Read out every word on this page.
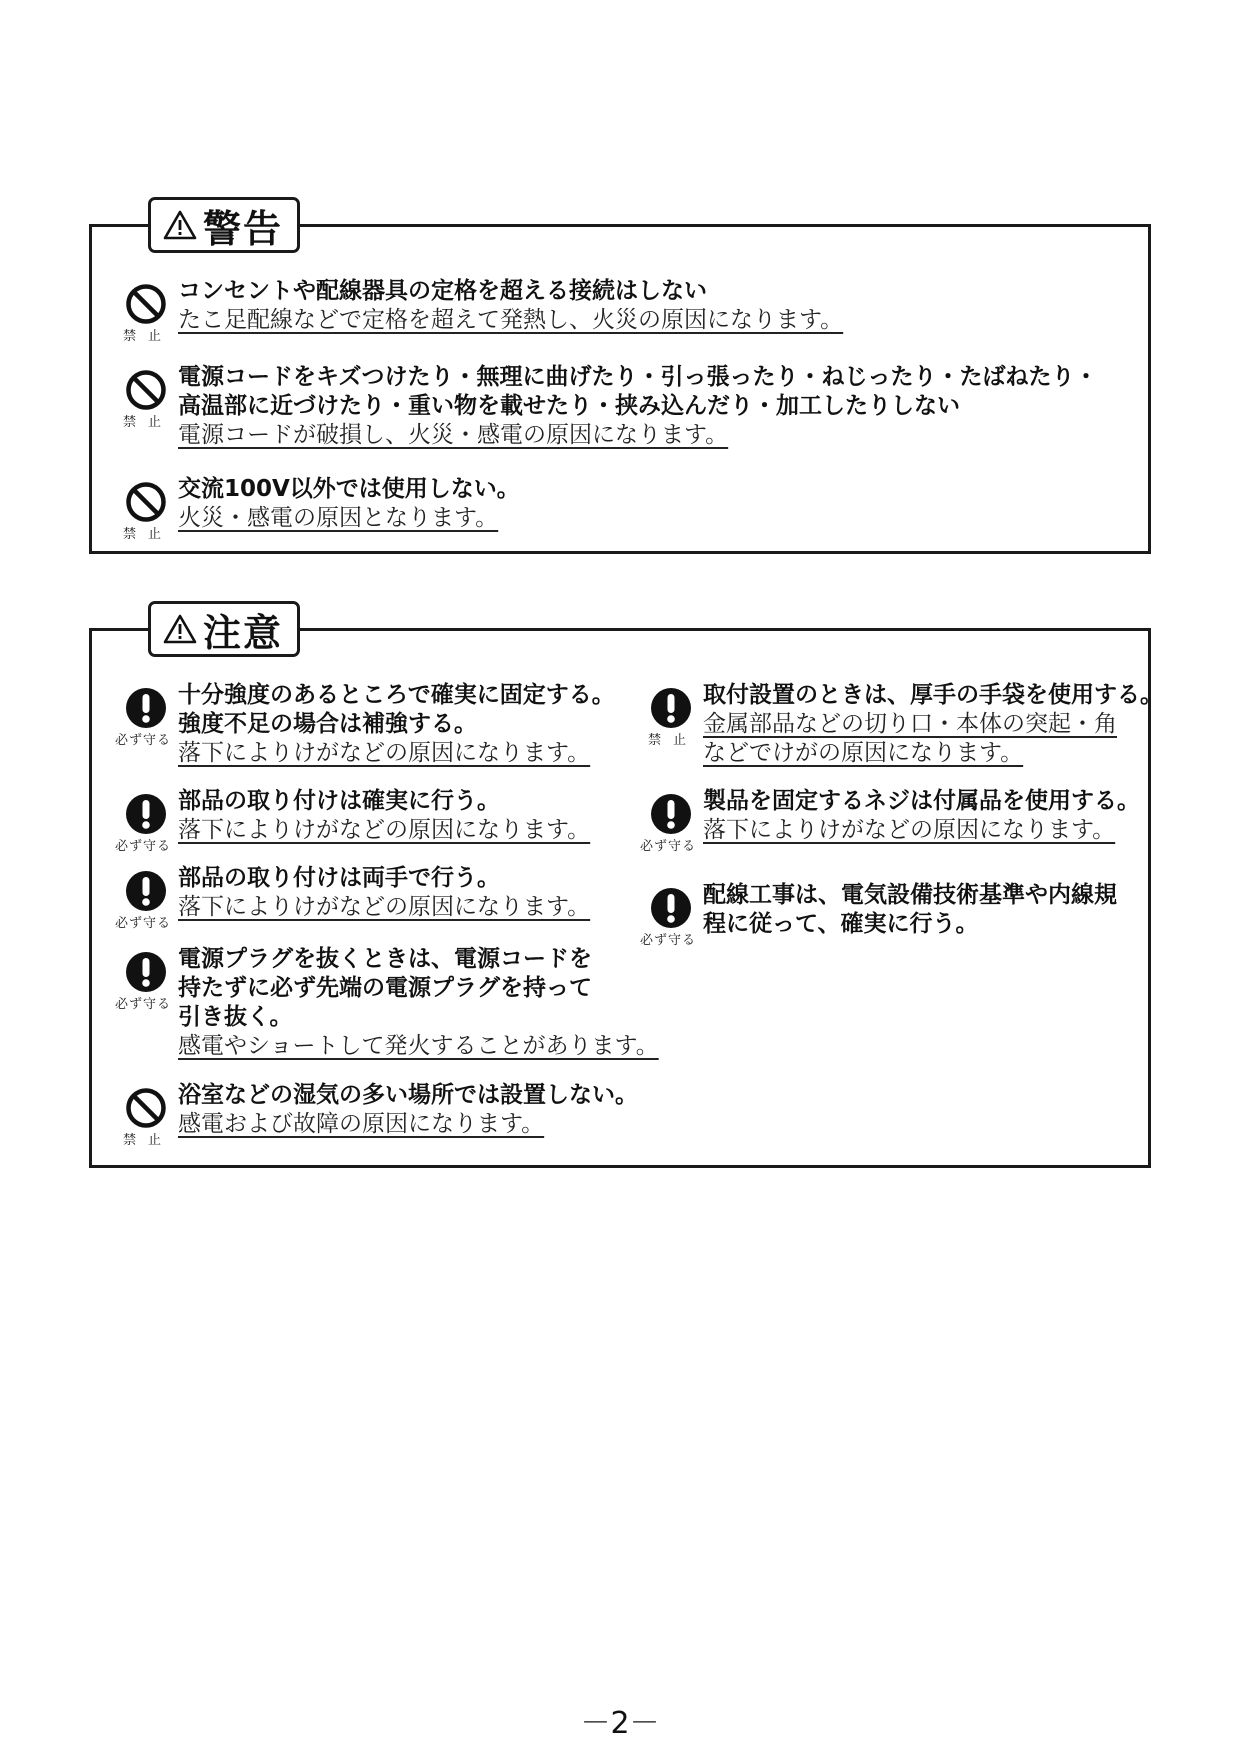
警告
禁止
コンセントや配線器具の定格を超える接続はしない
たこ足配線などで定格を超えて発熱し、火災の原因になります。
禁止
電源コードをキズつけたり・無理に曲げたり・引っ張ったり・ねじったり・たばねたり・
高温部に近づけたり・重い物を載せたり・挟み込んだり・加工したりしない
電源コードが破損し、火災・感電の原因になります。
禁止
交流100V以外では使用しない。
火災・感電の原因となります。
注意
必ず守る
十分強度のあるところで確実に固定する。
強度不足の場合は補強する。
落下によりけがなどの原因になります。
必ず守る
部品の取り付けは確実に行う。
落下によりけがなどの原因になります。
必ず守る
部品の取り付けは両手で行う。
落下によりけがなどの原因になります。
必ず守る
電源プラグを抜くときは、電源コードを
持たずに必ず先端の電源プラグを持って
引き抜く。
感電やショートして発火することがあります。
禁止
浴室などの湿気の多い場所では設置しない。
感電および故障の原因になります。
禁止
取付設置のときは、厚手の手袋を使用する。
金属部品などの切り口・本体の突起・角
などでけがの原因になります。
必ず守る
製品を固定するネジは付属品を使用する。
落下によりけがなどの原因になります。
必ず守る
配線工事は、電気設備技術基準や内線規
程に従って、確実に行う。
－2－
